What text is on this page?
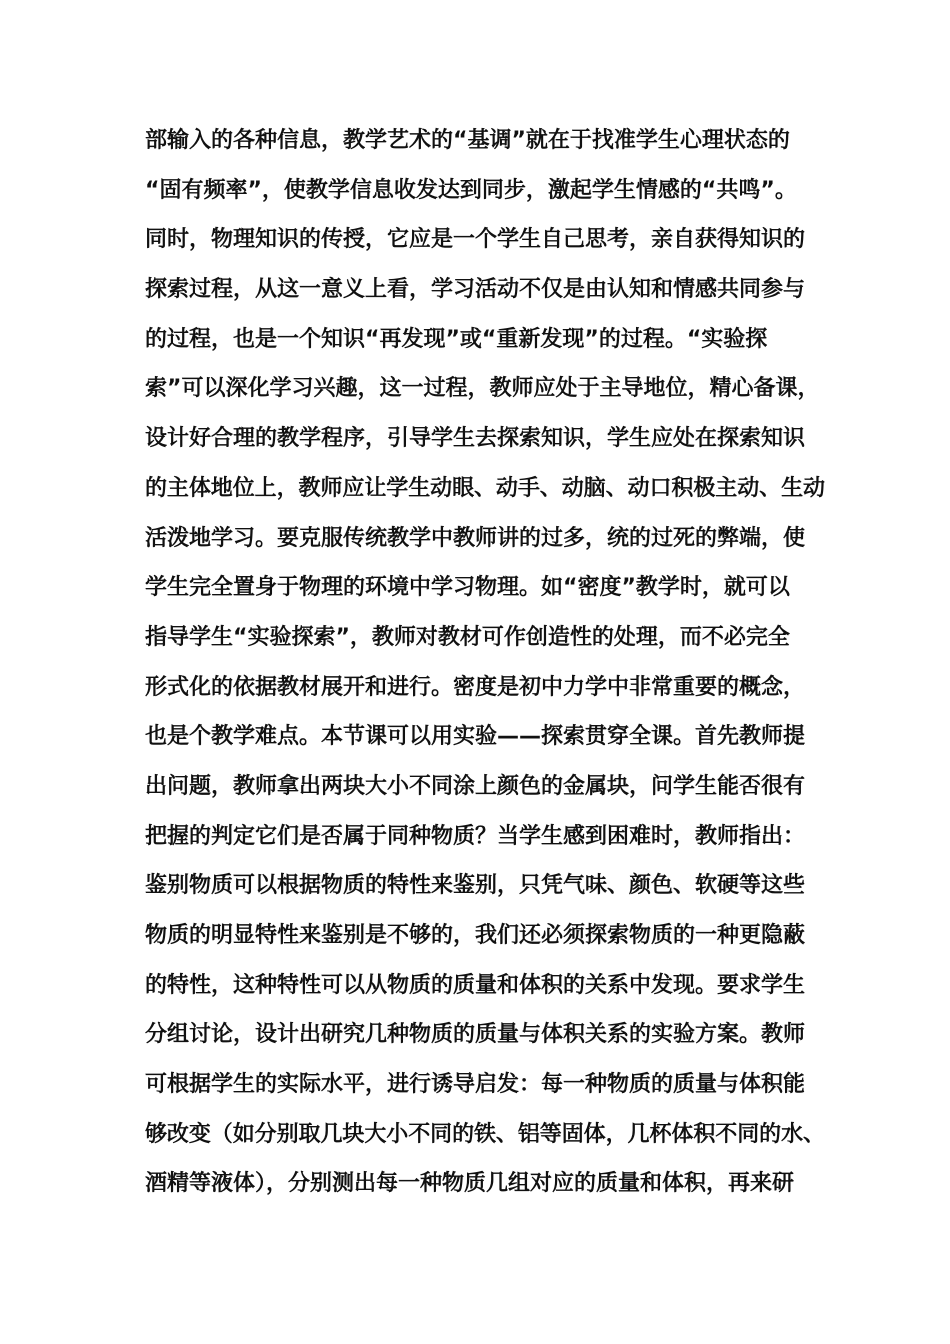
部输入的各种信息，教学艺术的“基调”就在于找准学生心理状态的
“固有频率”，使教学信息收发达到同步，激起学生情感的“共鸣”。
同时，物理知识的传授，它应是一个学生自己思考，亲自获得知识的
探索过程，从这一意义上看，学习活动不仅是由认知和情感共同参与
的过程，也是一个知识“再发现”或“重新发现”的过程。“实验探
索”可以深化学习兴趣，这一过程，教师应处于主导地位，精心备课，
设计好合理的教学程序，引导学生去探索知识，学生应处在探索知识
的主体地位上，教师应让学生动眼、动手、动脑、动口积极主动、生动
活泼地学习。要克服传统教学中教师讲的过多，统的过死的弊端，使
学生完全置身于物理的环境中学习物理。如“密度”教学时，就可以
指导学生“实验探索”，教师对教材可作创造性的处理，而不必完全
形式化的依据教材展开和进行。密度是初中力学中非常重要的概念，
也是个教学难点。本节课可以用实验——探索贯穿全课。首先教师提
出问题，教师拿出两块大小不同涂上颜色的金属块，问学生能否很有
把握的判定它们是否属于同种物质？当学生感到困难时，教师指出：
鉴别物质可以根据物质的特性来鉴别，只凭气味、颜色、软硬等这些
物质的明显特性来鉴别是不够的，我们还必须探索物质的一种更隐蔽
的特性，这种特性可以从物质的质量和体积的关系中发现。要求学生
分组讨论，设计出研究几种物质的质量与体积关系的实验方案。教师
可根据学生的实际水平，进行诱导启发：每一种物质的质量与体积能
够改变（如分别取几块大小不同的铁、铝等固体，几杯体积不同的水、
酒精等液体），分别测出每一种物质几组对应的质量和体积，再来研
